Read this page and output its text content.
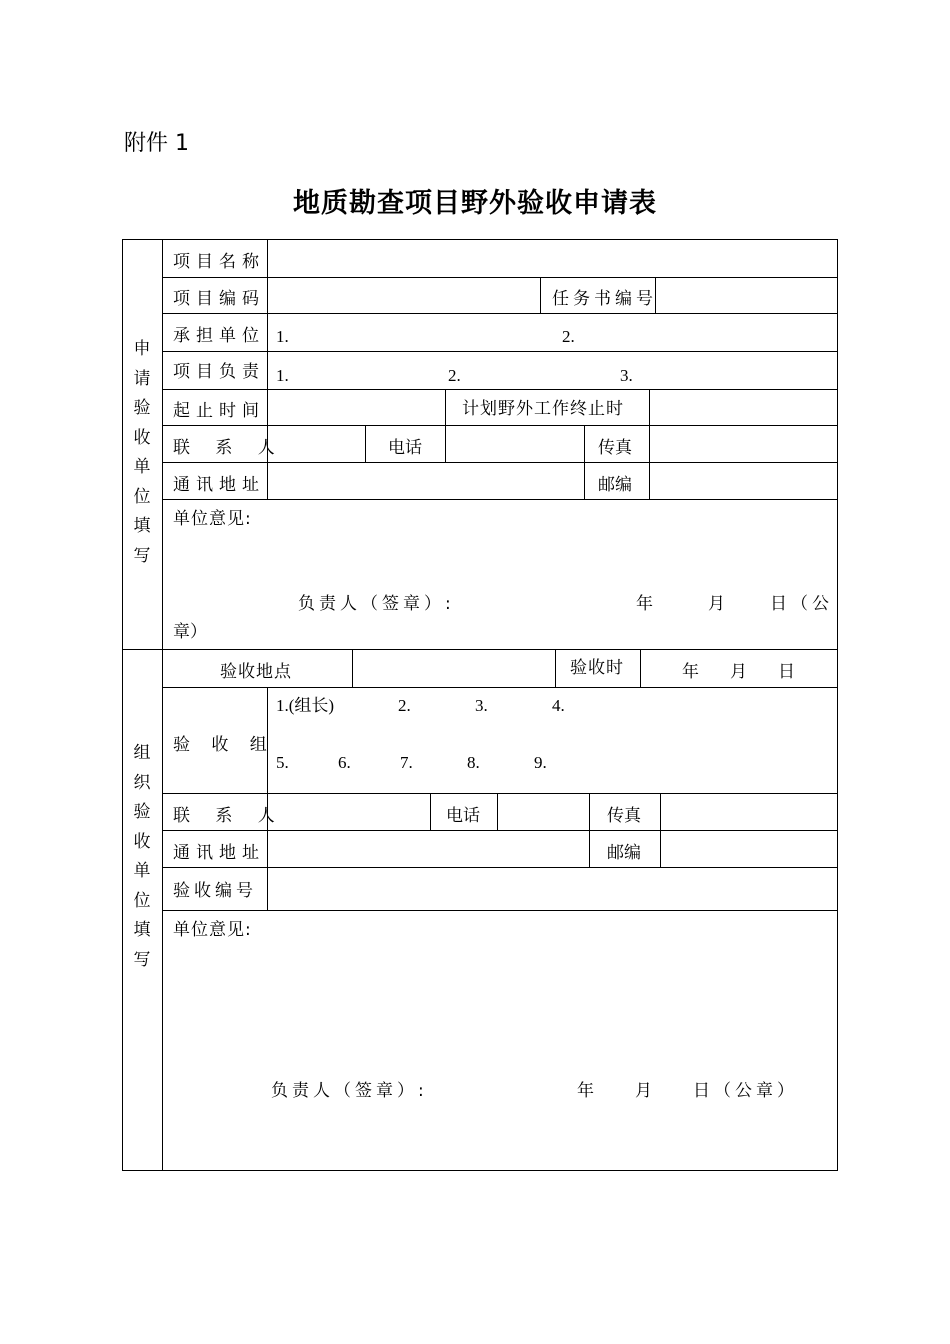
附件 1
地质勘查项目野外验收申请表
申
请
验
收
单
位
填
写
项目名称
项目编码	任务书编号
承担单位 1.	2.
项目负责 1.	2.	3.
起止时间	计划野外工作终止时
联 系 人	电话	传真
通讯地址	邮编
单位意见:
负责人（签章）:	年	月	日（公
章）
组
织
验
收
单
位
填
写
验收地点	验收时	年 月 日
验 收 组
1.(组长)	2.	3.	4.
5.	6.	7.	8.	9.
联 系 人	电话	传真
通讯地址	邮编
验收编号
单位意见:
负责人（签章）:	年 月 日（公章）
